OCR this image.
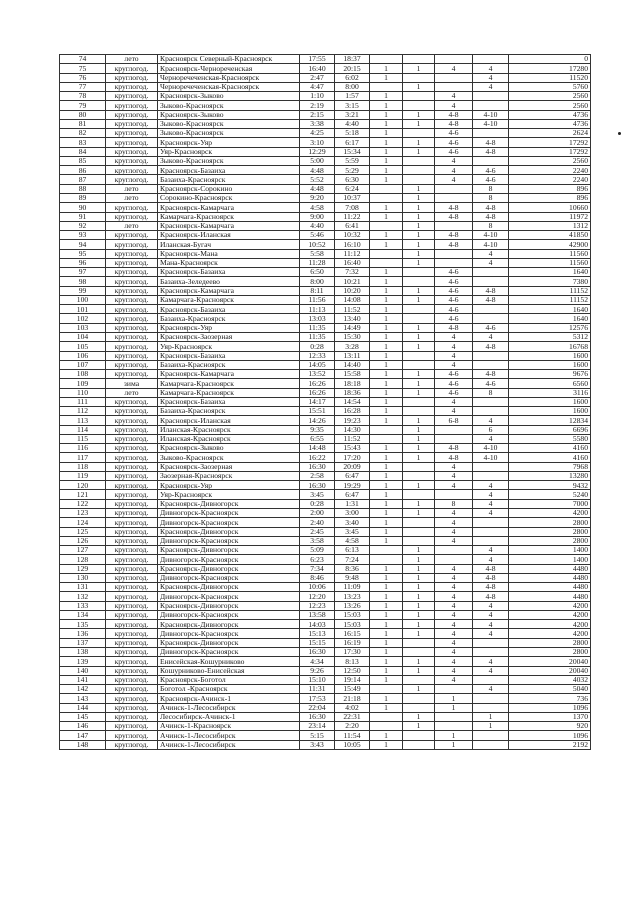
74	лето	Красноярск Северный-Красноярск	17:55	18:37					0
75	круглогод.	Красноярск-Чернореченская	16:40	20:15	1	1	4	4	17280
76	круглогод.	Черноречеченская-Красноярск	2:47	6:02	1			4	11520
77	круглогод.	Черноречеченская-Красноярск	4:47	8:00		1		4	5760
78	круглогод.	Красноярск-Зыково	1:10	1:57	1		4		2560
79	круглогод.	Зыково-Красноярск	2:19	3:15	1		4		2560
80	круглогод.	Красноярск-Зыково	2:15	3:21	1	1	4-8	4-10	4736
81	круглогод.	Зыково-Красноярск	3:38	4:40	1	1	4-8	4-10	4736
82	круглогод.	Зыково-Красноярск	4:25	5:18	1		4-6		2624
83	круглогод.	Красноярск-Уяр	3:10	6:17	1	1	4-6	4-8	17292
84	круглогод.	Уяр-Красноярск	12:29	15:34	1	1	4-6	4-8	17292
85	круглогод.	Зыково-Красноярск	5:00	5:59	1		4		2560
86	круглогод.	Красноярск-Базаиха	4:48	5:29	1		4	4-6	2240
87	круглогод.	Базаиха-Красноярск	5:52	6:30	1		4	4-6	2240
88	лето	Красноярск-Сорокино	4:48	6:24		1		8	896
89	лето	Сорокино-Красноярск	9:20	10:37		1		8	896
90	круглогод.	Красноярск-Камарчага	4:58	7:08	1	1	4-8	4-8	10660
91	круглогод.	Камарчага-Красноярск	9:00	11:22	1	1	4-8	4-8	11972
92	лето	Красноярск-Камарчага	4:40	6:41		1		8	1312
93	круглогод.	Красноярск-Иланская	5:46	10:32	1	1	4-8	4-10	41850
94	круглогод.	Иланская-Бугач	10:52	16:10	1	1	4-8	4-10	42900
95	круглогод.	Красноярск-Мана	5:58	11:12		1		4	11560
96	круглогод.	Мана-Красноярск	11:28	16:40		1		4	11560
97	круглогод.	Красноярск-Базаиха	6:50	7:32	1		4-6		1640
98	круглогод.	Базаиха-Зеледеево	8:00	10:21	1		4-6		7380
99	круглогод.	Красноярск-Камарчага	8:11	10:20	1	1	4-6	4-8	11152
100	круглогод.	Камарчага-Красноярск	11:56	14:08	1	1	4-6	4-8	11152
101	круглогод.	Красноярск-Базаиха	11:13	11:52	1		4-6		1640
102	круглогод.	Базаиха-Красноярск	13:03	13:40	1		4-6		1640
103	круглогод.	Красноярск-Уяр	11:35	14:49	1	1	4-8	4-6	12576
104	круглогод.	Красноярск-Заозерная	11:35	15:30	1	1	4	4	5312
105	круглогод.	Уяр-Красноярск	0:28	3:28	1	1	4	4-8	16768
106	круглогод.	Красноярск-Базаиха	12:33	13:11	1		4		1600
107	круглогод.	Базаиха-Красноярск	14:05	14:40	1		4		1600
108	круглогод.	Красноярск-Камарчага	13:52	15:58	1	1	4-6	4-8	9676
109	зима	Камарчага-Красноярск	16:26	18:18	1	1	4-6	4-6	6560
110	лето	Камарчага-Красноярск	16:26	18:36	1	1	4-6	8	3116
111	круглогод.	Красноярск-Базаиха	14:17	14:54	1		4		1600
112	круглогод.	Базаиха-Красноярск	15:51	16:28	1		4		1600
113	круглогод.	Красноярск-Иланская	14:26	19:23	1	1	6-8	4	12834
114	круглогод.	Иланская-Красноярск	9:35	14:30		1		6	6696
115	круглогод.	Иланская-Красноярск	6:55	11:52		1		4	5580
116	круглогод.	Красноярск-Зыково	14:48	15:43	1	1	4-8	4-10	4160
117	круглогод.	Зыково-Красноярск	16:22	17:20	1	1	4-8	4-10	4160
118	круглогод.	Красноярск-Заозерная	16:30	20:09	1		4		7968
119	круглогод.	Заозерная-Красноярск	2:58	6:47	1		4		13280
120	круглогод.	Красноярск-Уяр	16:30	19:29	1	1	4	4	9432
121	круглогод.	Уяр-Красноярск	3:45	6:47	1			4	5240
122	круглогод.	Красноярск-Дивногорск	0:28	1:31	1	1	8	4	7000
123	круглогод.	Дивногорск-Красноярск	2:00	3:00	1	1	4	4	4200
124	круглогод.	Дивногорск-Красноярск	2:40	3:40	1		4		2800
125	круглогод.	Красноярск-Дивногорск	2:45	3:45	1		4		2800
126	круглогод.	Дивногорск-Красноярск	3:58	4:58	1		4		2800
127	круглогод.	Красноярск-Дивногорск	5:09	6:13		1		4	1400
128	круглогод.	Дивногорск-Красноярск	6:23	7:24		1		4	1400
129	круглогод.	Красноярск-Дивногорск	7:34	8:36	1	1	4	4-8	4480
130	круглогод.	Дивногорск-Красноярск	8:46	9:48	1	1	4	4-8	4480
131	круглогод.	Красноярск-Дивногорск	10:06	11:09	1	1	4	4-8	4480
132	круглогод.	Дивногорск-Красноярск	12:20	13:23	1	1	4	4-8	4480
133	круглогод.	Красноярск-Дивногорск	12:23	13:26	1	1	4	4	4200
134	круглогод.	Дивногорск-Красноярск	13:58	15:03	1	1	4	4	4200
135	круглогод.	Красноярск-Дивногорск	14:03	15:03	1	1	4	4	4200
136	круглогод.	Дивногорск-Красноярск	15:13	16:15	1	1	4	4	4200
137	круглогод.	Красноярск-Дивногорск	15:15	16:19	1		4		2800
138	круглогод.	Дивногорск-Красноярск	16:30	17:30	1		4		2800
139	круглогод.	Енисейская-Кошурниково	4:34	8:13	1	1	4	4	20040
140	круглогод.	Кошурниково-Енисейская	9:26	12:50	1	1	4	4	20040
141	круглогод.	Красноярск-Боготол	15:10	19:14	1		4		4032
142	круглогод.	Боготол -Красноярск	11:31	15:49		1		4	5040
143	круглогод.	Красноярск-Ачинск-1	17:53	21:18	1		1		736
144	круглогод.	Ачинск-1-Лесосибирск	22:04	4:02	1		1		1096
145	круглогод.	Лесосибирск-Ачинск-1	16:30	22:31		1		1	1370
146	круглогод.	Ачинск-1-Красноярск	23:14	2:20		1		1	920
147	круглогод.	Ачинск-1-Лесосибирск	5:15	11:54	1		1		1096
148	круглогод.	Ачинск-1-Лесосибирск	3:43	10:05	1		1		2192
